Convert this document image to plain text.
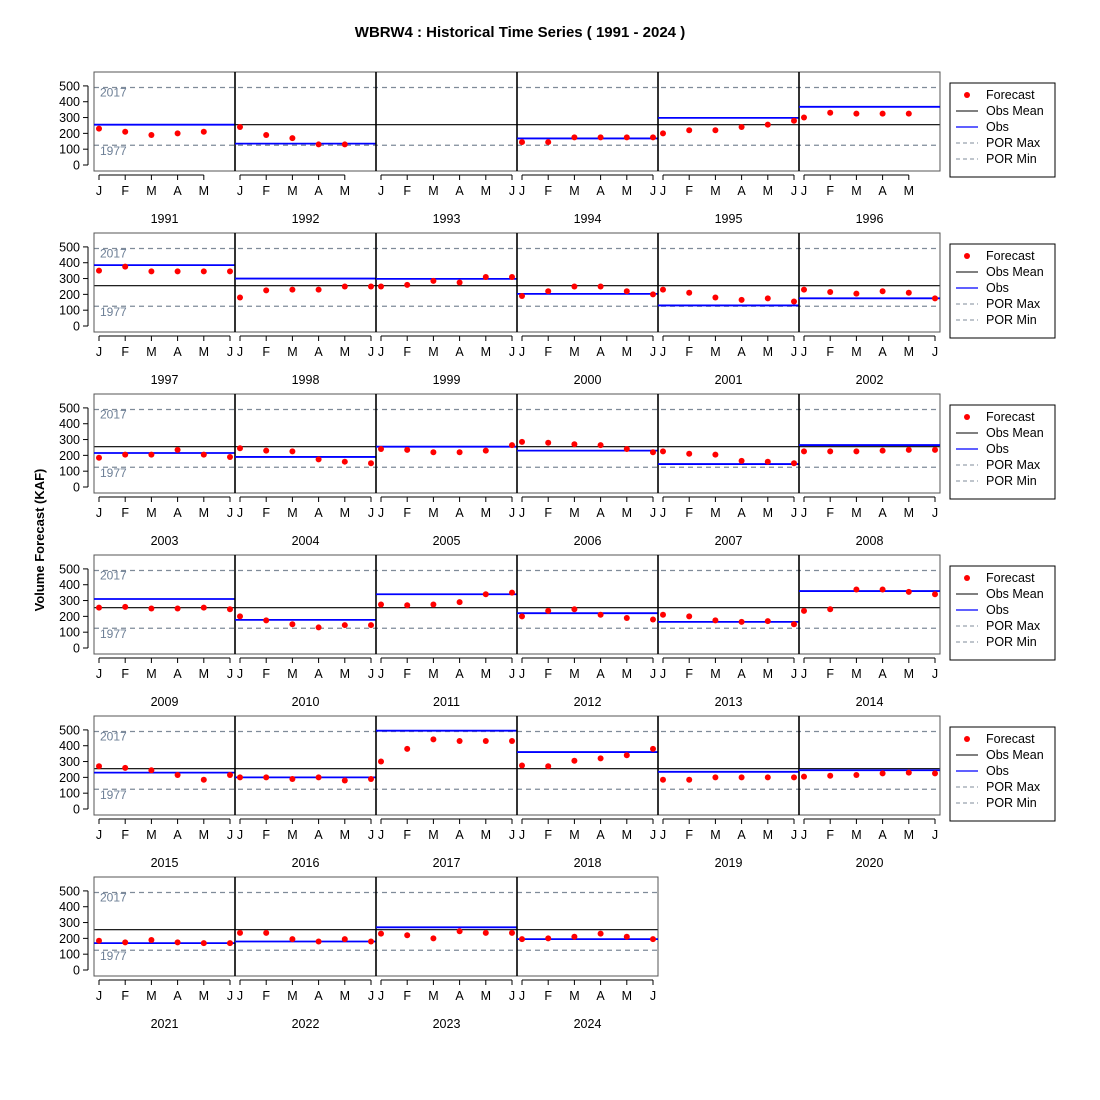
WBRW4 : Historical Time Series ( 1991 - 2024 )
Volume Forecast (KAF)
0
100
200
300
400
500 2017
1977
J F M A M
1991
J F M A M
1992
J F M A M J
1993
J F M A M J
1994
J F M A M J
1995
J F M A M
1996
Forecast
Obs Mean
Obs
POR Max
POR Min
0
100
200
300
400
500 2017
1977
J F M A M J
1997
J F M A M J
1998
J F M A M J
1999
J F M A M J
2000
J F M A M J
2001
J F M A M J
2002
Forecast
Obs Mean
Obs
POR Max
POR Min
0
100
200
300
400
500 2017
1977
J F M A M J
2003
J F M A M J
2004
J F M A M J
2005
J F M A M J
2006
J F M A M J
2007
J F M A M J
2008
Forecast
Obs Mean
Obs
POR Max
POR Min
0
100
200
300
400
500 2017
1977
J F M A M J
2009
J F M A M J
2010
J F M A M J
2011
J F M A M J
2012
J F M A M J
2013
J F M A M J
2014
Forecast
Obs Mean
Obs
POR Max
POR Min
0
100
200
300
400
500 2017
1977
J F M A M J
2015
J F M A M J
2016
J F M A M J
2017
J F M A M J
2018
J F M A M J
2019
J F M A M J
2020
Forecast
Obs Mean
Obs
POR Max
POR Min
0
100
200
300
400
500 2017
1977
J F M A M J
2021
J F M A M J
2022
J F M A M J
2023
J F M A M J
2024
